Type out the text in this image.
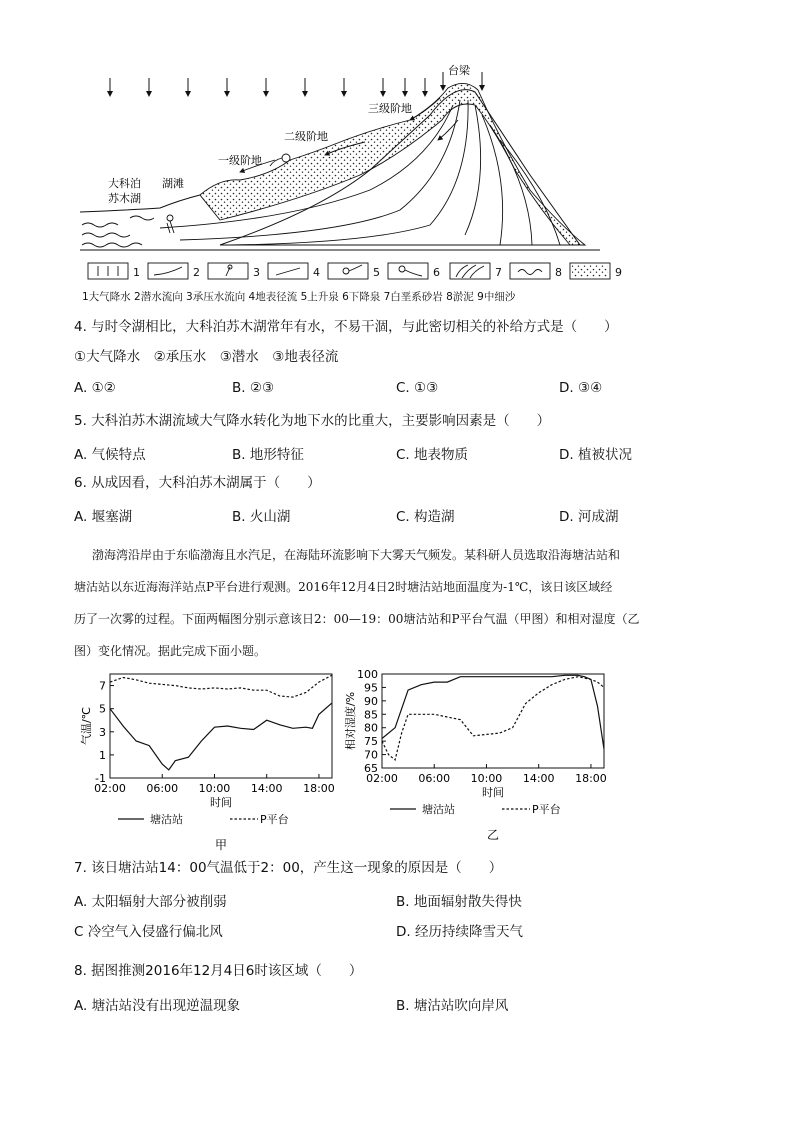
台梁
三级阶地
二级阶地
一级阶地
大科泊
苏木湖
湖滩
1	2	3	4	5	6	7	8	9
1大气降水 2潜水流向 3承压水流向 4地表径流 5上升泉 6下降泉 7白垩系砂岩 8淤泥 9中细沙
4. 与时令湖相比，大科泊苏木湖常年有水，不易干涸，与此密切相关的补给方式是（　　）
①大气降水　②承压水　③潜水　③地表径流
A. ①②	B. ②③	C. ①③	D. ③④
5. 大科泊苏木湖流域大气降水转化为地下水的比重大，主要影响因素是（　　）
A. 气候特点	B. 地形特征	C. 地表物质	D. 植被状况
6. 从成因看，大科泊苏木湖属于（　　）
A. 堰塞湖	B. 火山湖	C. 构造湖	D. 河成湖
渤海湾沿岸由于东临渤海且水汽足，在海陆环流影响下大雾天气频发。某科研人员选取沿海塘沽站和
塘沽站以东近海海洋站点P平台进行观测。2016年12月4日2时塘沽站地面温度为-1℃，该日该区域经
历了一次雾的过程。下面两幅图分别示意该日2：00—19：00塘沽站和P平台气温（甲图）和相对湿度（乙
图）变化情况。据此完成下面小题。
-1
1
3
5
7
02:00 06:00 10:00 14:00 18:00
时间
气温/℃
塘沽站	P平台
甲
65
70
75
80
85
90
95
100
02:00 06:00 10:00 14:00 18:00
时间
相对湿度/%
塘沽站	P平台
乙
7. 该日塘沽站14：00气温低于2：00，产生这一现象的原因是（　　）
A. 太阳辐射大部分被削弱	B. 地面辐射散失得快
C 冷空气入侵盛行偏北风	D. 经历持续降雪天气
8. 据图推测2016年12月4日6时该区域（　　）
A. 塘沽站没有出现逆温现象	B. 塘沽站吹向岸风
